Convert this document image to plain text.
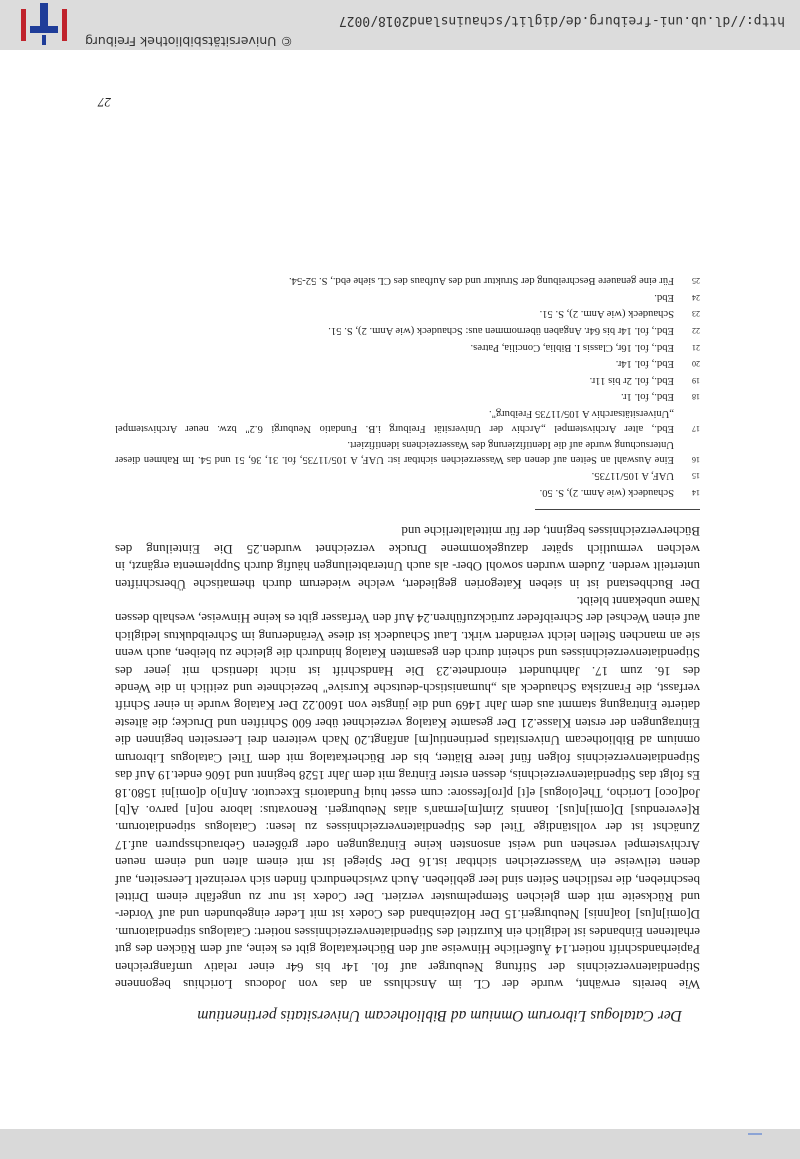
Der Catalogus Librorum Omnium ad Bibliothecam Universitatis pertinentium

Wie bereits erwähnt, wurde der CL im Anschluss an das von Jodocus Lorichius begonnene Stipendiatenverzeichnis der Stiftung Neuburger auf fol. 14r bis 64r einer relativ umfangreichen Papierhandschrift notiert.14 Äußerliche Hinweise auf den Bücherkatalog gibt es keine, auf dem Rücken des gut erhaltenen Einbandes ist lediglich ein Kurztitel des Stipendiatenverzeichnisses notiert: Catalogus stipendiatorum. D[omi]n[us] Ioa[nnis] Neuburgeri.15 Der Holzeinband des Codex ist mit Leder eingebunden und auf Vorder- und Rückseite mit dem gleichen Stempelmuster verziert. Der Codex ist nur zu ungefähr einem Drittel beschrieben, die restlichen Seiten sind leer geblieben. Auch zwischendurch finden sich vereinzelt Leerseiten, auf denen teilweise ein Wasserzeichen sichtbar ist.16 Der Spiegel ist mit einem alten und einem neuen Archivstempel versehen und weist ansonsten keine Eintragungen oder größeren Gebrauchsspuren auf.17 Zunächst ist der vollständige Titel des Stipendiatenverzeichnisses zu lesen: Catalogus stipendiatorum. R[everendus] D[omi]n[us]. Ioannis Zim[m]erman's alias Neuburgeri. Renovatus: labore no[n] parvo. A[b] Jod[oco] Loricho, The[ologus] e[t] p[ro]fessore: cum esset huiq Fundatoris Executor. An[n]o d[omi]ni 1580.18 Es folgt das Stipendiatenverzeichnis, dessen erster Eintrag mit dem Jahr 1528 beginnt und 1606 endet.19 Auf das Stipendiatenverzeichnis folgen fünf leere Blätter, bis der Bücherkatalog mit dem Titel Catalogus Librorum omnium ad Bibliothecam Universitatis pertinentiu[m] anfängt.20 Nach weiteren drei Leerseiten beginnen die Eintragungen der ersten Klasse.21 Der gesamte Katalog verzeichnet über 600 Schriften und Drucke; die älteste datierte Eintragung stammt aus dem Jahr 1469 und die jüngste von 1600.22 Der Katalog wurde in einer Schrift verfasst, die Franziska Schaudeck als „humanistisch-deutsche Kursive" bezeichnete und zeitlich in die Wende des 16. zum 17. Jahrhundert einordnete.23 Die Handschrift ist nicht identisch mit jener des Stipendiatenverzeichnisses und scheint durch den gesamten Katalog hindurch die gleiche zu bleiben, auch wenn sie an manchen Stellen leicht verändert wirkt. Laut Schaudeck ist diese Veränderung im Schreibduktus lediglich auf einen Wechsel der Schreibfeder zurückzuführen.24 Auf den Verfasser gibt es keine Hinweise, weshalb dessen Name unbekannt bleibt.

Der Buchbestand ist in sieben Kategorien gegliedert, welche wiederum durch thematische Überschriften unterteilt werden. Zudem wurden sowohl Ober- als auch Unterabteilungen häufig durch Supplementa ergänzt, in welchen vermutlich später dazugekommene Drucke verzeichnet wurden.25 Die Einteilung des Bücherverzeichnisses beginnt, der für mittelalterliche und

14
Schaudeck (wie Anm. 2), S. 50.
15
UAF, A 105/11735.
16
Eine Auswahl an Seiten auf denen das Wasserzeichen sichtbar ist: UAF, A 105/11735, fol. 31, 36, 51 und 54. Im Rahmen dieser Untersuchung wurde auf die Identifizierung des Wasserzeichens identifiziert.
17
Ebd., alter Archivstempel „Archiv der Universität Freiburg i.B. Fundatio Neuburgi 6.2" bzw. neuer Archivstempel „Universitätsarchiv A 105/11735 Freiburg".
18
Ebd., fol. 1r.
19
Ebd., fol. 2r bis 11r.
20
Ebd., fol. 14r.
21
Ebd., fol. 16r, Classis I. Biblia, Concilia, Patres.
22
Ebd., fol. 14r bis 64r. Angaben übernommen aus: Schaudeck (wie Anm. 2), S. 51.
23
Schaudeck (wie Anm. 2), S. 51.
24
Ebd.
25
Für eine genauere Beschreibung der Struktur und des Aufbaus des CL siehe ebd., S. 52-54.
27
http://dl.ub.uni-freiburg.de/diglit/schauinsland2018/0027
© Universitätsbibliothek Freiburg
